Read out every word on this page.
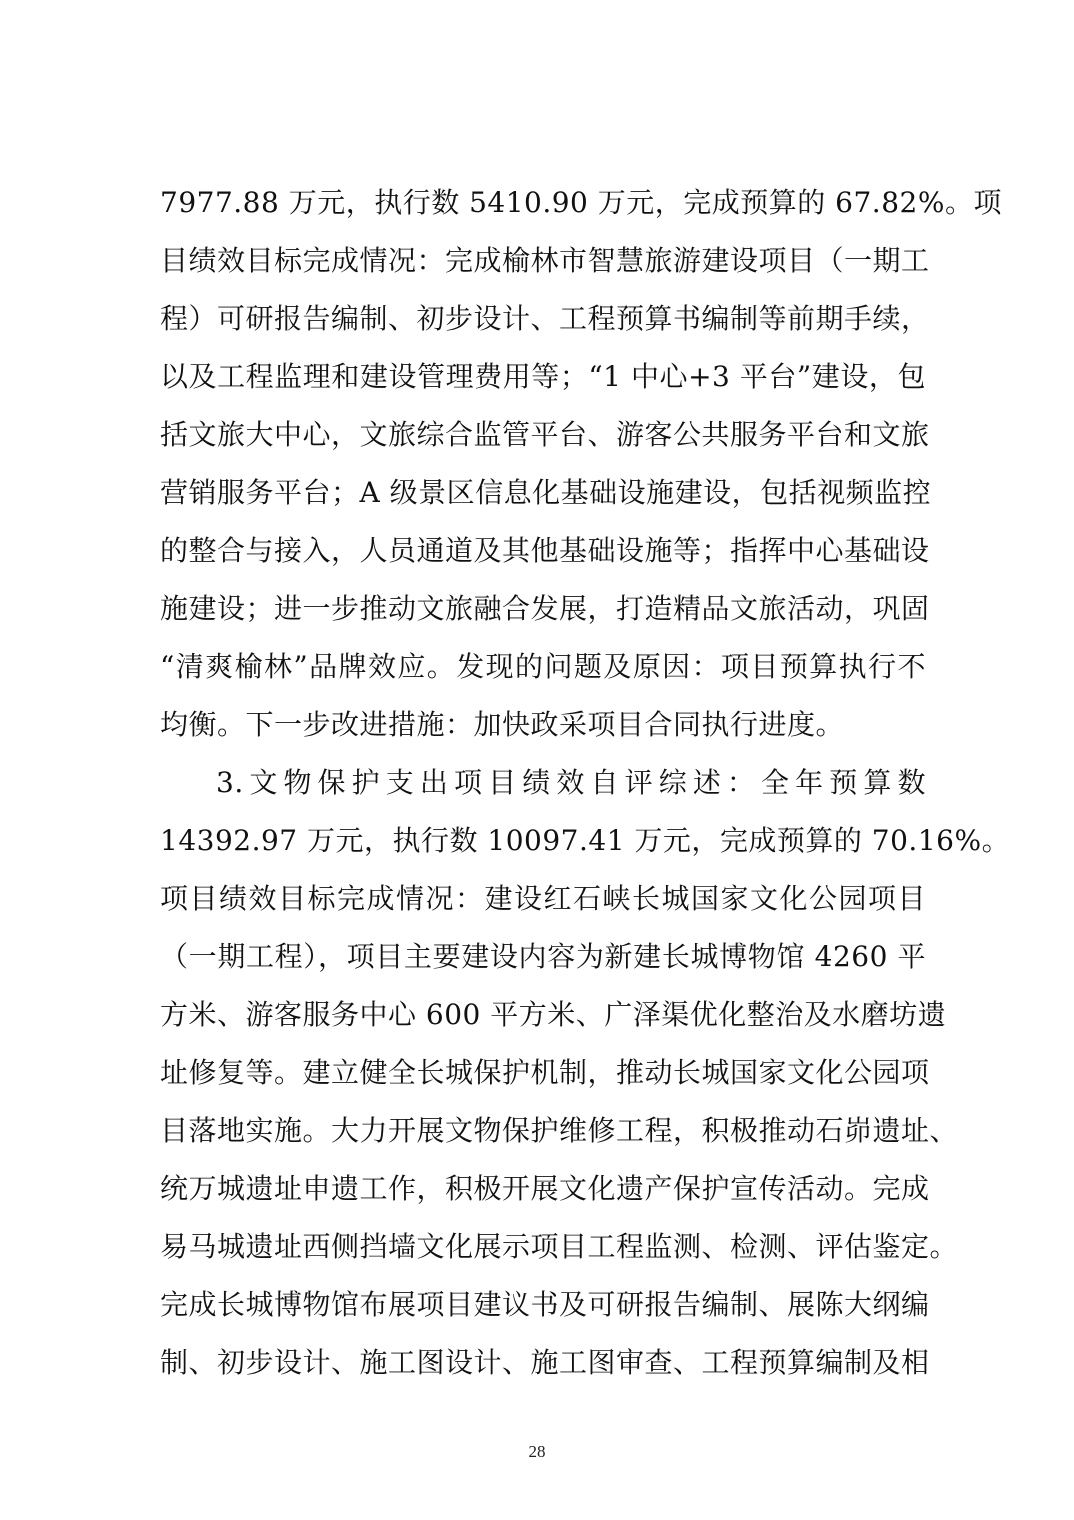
7977.88 万元，执行数 5410.90 万元，完成预算的 67.82%。项
目绩效目标完成情况：完成榆林市智慧旅游建设项目（一期工
程）可研报告编制、初步设计、工程预算书编制等前期手续，
以及工程监理和建设管理费用等；“1 中心+3 平台”建设，包
括文旅大中心，文旅综合监管平台、游客公共服务平台和文旅
营销服务平台；A 级景区信息化基础设施建设，包括视频监控
的整合与接入，人员通道及其他基础设施等；指挥中心基础设
施建设；进一步推动文旅融合发展，打造精品文旅活动，巩固
“清爽榆林”品牌效应。发现的问题及原因：项目预算执行不
均衡。下一步改进措施：加快政采项目合同执行进度。
3.文物保护支出项目绩效自评综述：全年预算数
14392.97 万元，执行数 10097.41 万元，完成预算的 70.16%。
项目绩效目标完成情况：建设红石峡长城国家文化公园项目
（一期工程），项目主要建设内容为新建长城博物馆 4260 平
方米、游客服务中心 600 平方米、广泽渠优化整治及水磨坊遗
址修复等。建立健全长城保护机制，推动长城国家文化公园项
目落地实施。大力开展文物保护维修工程，积极推动石峁遗址、
统万城遗址申遗工作，积极开展文化遗产保护宣传活动。完成
易马城遗址西侧挡墙文化展示项目工程监测、检测、评估鉴定。
完成长城博物馆布展项目建议书及可研报告编制、展陈大纲编
制、初步设计、施工图设计、施工图审查、工程预算编制及相
28
